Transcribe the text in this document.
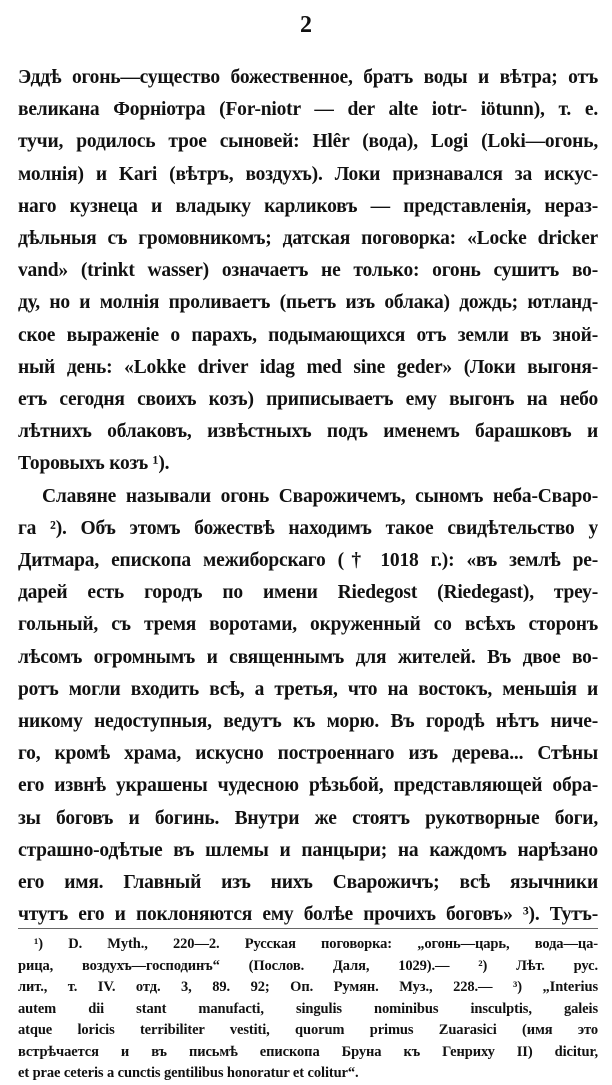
2
Эддѣ огонь—существо божественное, братъ воды и вѣтра; отъ
великана Форніотра (For-niotr — der alte iotr- iötunn), т. е.
тучи, родилось трое сыновей: Hlêr (вода), Logi (Loki—огонь,
молнія) и Kari (вѣтръ, воздухъ). Локи признавался за искус-
наго кузнеца и владыку карликовъ — представленія, нераз-
дѣльныя съ громовникомъ; датская поговорка: «Locke dricker
vand» (trinkt wasser) означаетъ не только: огонь сушитъ во-
ду, но и молнія проливаетъ (пьетъ изъ облака) дождь; ютланд-
ское выраженіе о парахъ, подымающихся отъ земли въ зной-
ный день: «Lokke driver idag med sine geder» (Локи выгоня-
етъ сегодня своихъ козъ) приписываетъ ему выгонъ на небо
лѣтнихъ облаковъ, извѣстныхъ подъ именемъ барашковъ и
Торовыхъ козъ ¹).
Славяне называли огонь Сварожичемъ, сыномъ неба-Сваро-
га ²). Объ этомъ божествѣ находимъ такое свидѣтельство у
Дитмара, епископа межиборскаго († 1018 г.): «въ землѣ ре-
дарей есть городъ по имени Riedegost (Riedegast), треу-
гольный, съ тремя воротами, окруженный со всѣхъ сторонъ
лѣсомъ огромнымъ и священнымъ для жителей. Въ двое во-
ротъ могли входить всѣ, а третья, что на востокъ, меньшія и
никому недоступныя, ведутъ къ морю. Въ городѣ нѣтъ ниче-
го, кромѣ храма, искусно построеннаго изъ дерева... Стѣны
его извнѣ украшены чудесною рѣзьбой, представляющей обра-
зы боговъ и богинь. Внутри же стоятъ рукотворные боги,
страшно-одѣтые въ шлемы и панцыри; на каждомъ нарѣзано
его имя. Главный изъ нихъ Сварожичъ; всѣ язычники
чтутъ его и поклоняются ему болѣе прочихъ боговъ» ³). Тутъ-
¹) D. Myth., 220—2. Русская поговорка: „огонь—царь, вода—ца-
рица, воздухъ—господинъ“ (Послов. Даля, 1029).— ²) Лѣт. рус.
лит., т. IV. отд. 3, 89. 92; Оп. Румян. Муз., 228.— ³) „Interius
autem dii stant manufacti, singulis nominibus insculptis, galeis
atque loricis terribiliter vestiti, quorum primus Zuarasici (имя это
встрѣчается и въ письмѣ епископа Бруна къ Генриху II) dicitur,
et prae ceteris a cunctis gentilibus honoratur et colitur“.
